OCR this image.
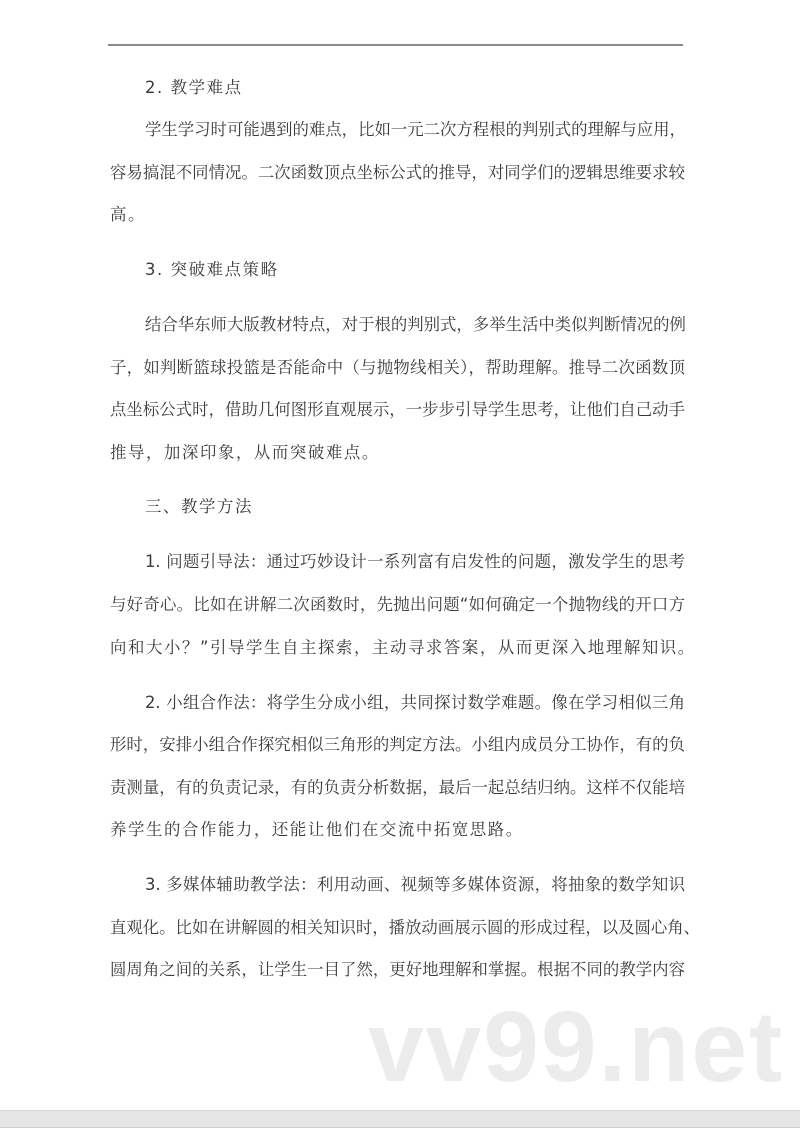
2. 教学难点
学生学习时可能遇到的难点，比如一元二次方程根的判别式的理解与应用，
容易搞混不同情况。二次函数顶点坐标公式的推导，对同学们的逻辑思维要求较
高。
3. 突破难点策略
结合华东师大版教材特点，对于根的判别式，多举生活中类似判断情况的例
子，如判断篮球投篮是否能命中（与抛物线相关），帮助理解。推导二次函数顶
点坐标公式时，借助几何图形直观展示，一步步引导学生思考，让他们自己动手
推导，加深印象，从而突破难点。
三、教学方法
1. 问题引导法：通过巧妙设计一系列富有启发性的问题，激发学生的思考
与好奇心。比如在讲解二次函数时，先抛出问题“如何确定一个抛物线的开口方
向和大小？”引导学生自主探索，主动寻求答案，从而更深入地理解知识。
2. 小组合作法：将学生分成小组，共同探讨数学难题。像在学习相似三角
形时，安排小组合作探究相似三角形的判定方法。小组内成员分工协作，有的负
责测量，有的负责记录，有的负责分析数据，最后一起总结归纳。这样不仅能培
养学生的合作能力，还能让他们在交流中拓宽思路。
3. 多媒体辅助教学法：利用动画、视频等多媒体资源，将抽象的数学知识
直观化。比如在讲解圆的相关知识时，播放动画展示圆的形成过程，以及圆心角、
圆周角之间的关系，让学生一目了然，更好地理解和掌握。根据不同的教学内容
vv99.net
